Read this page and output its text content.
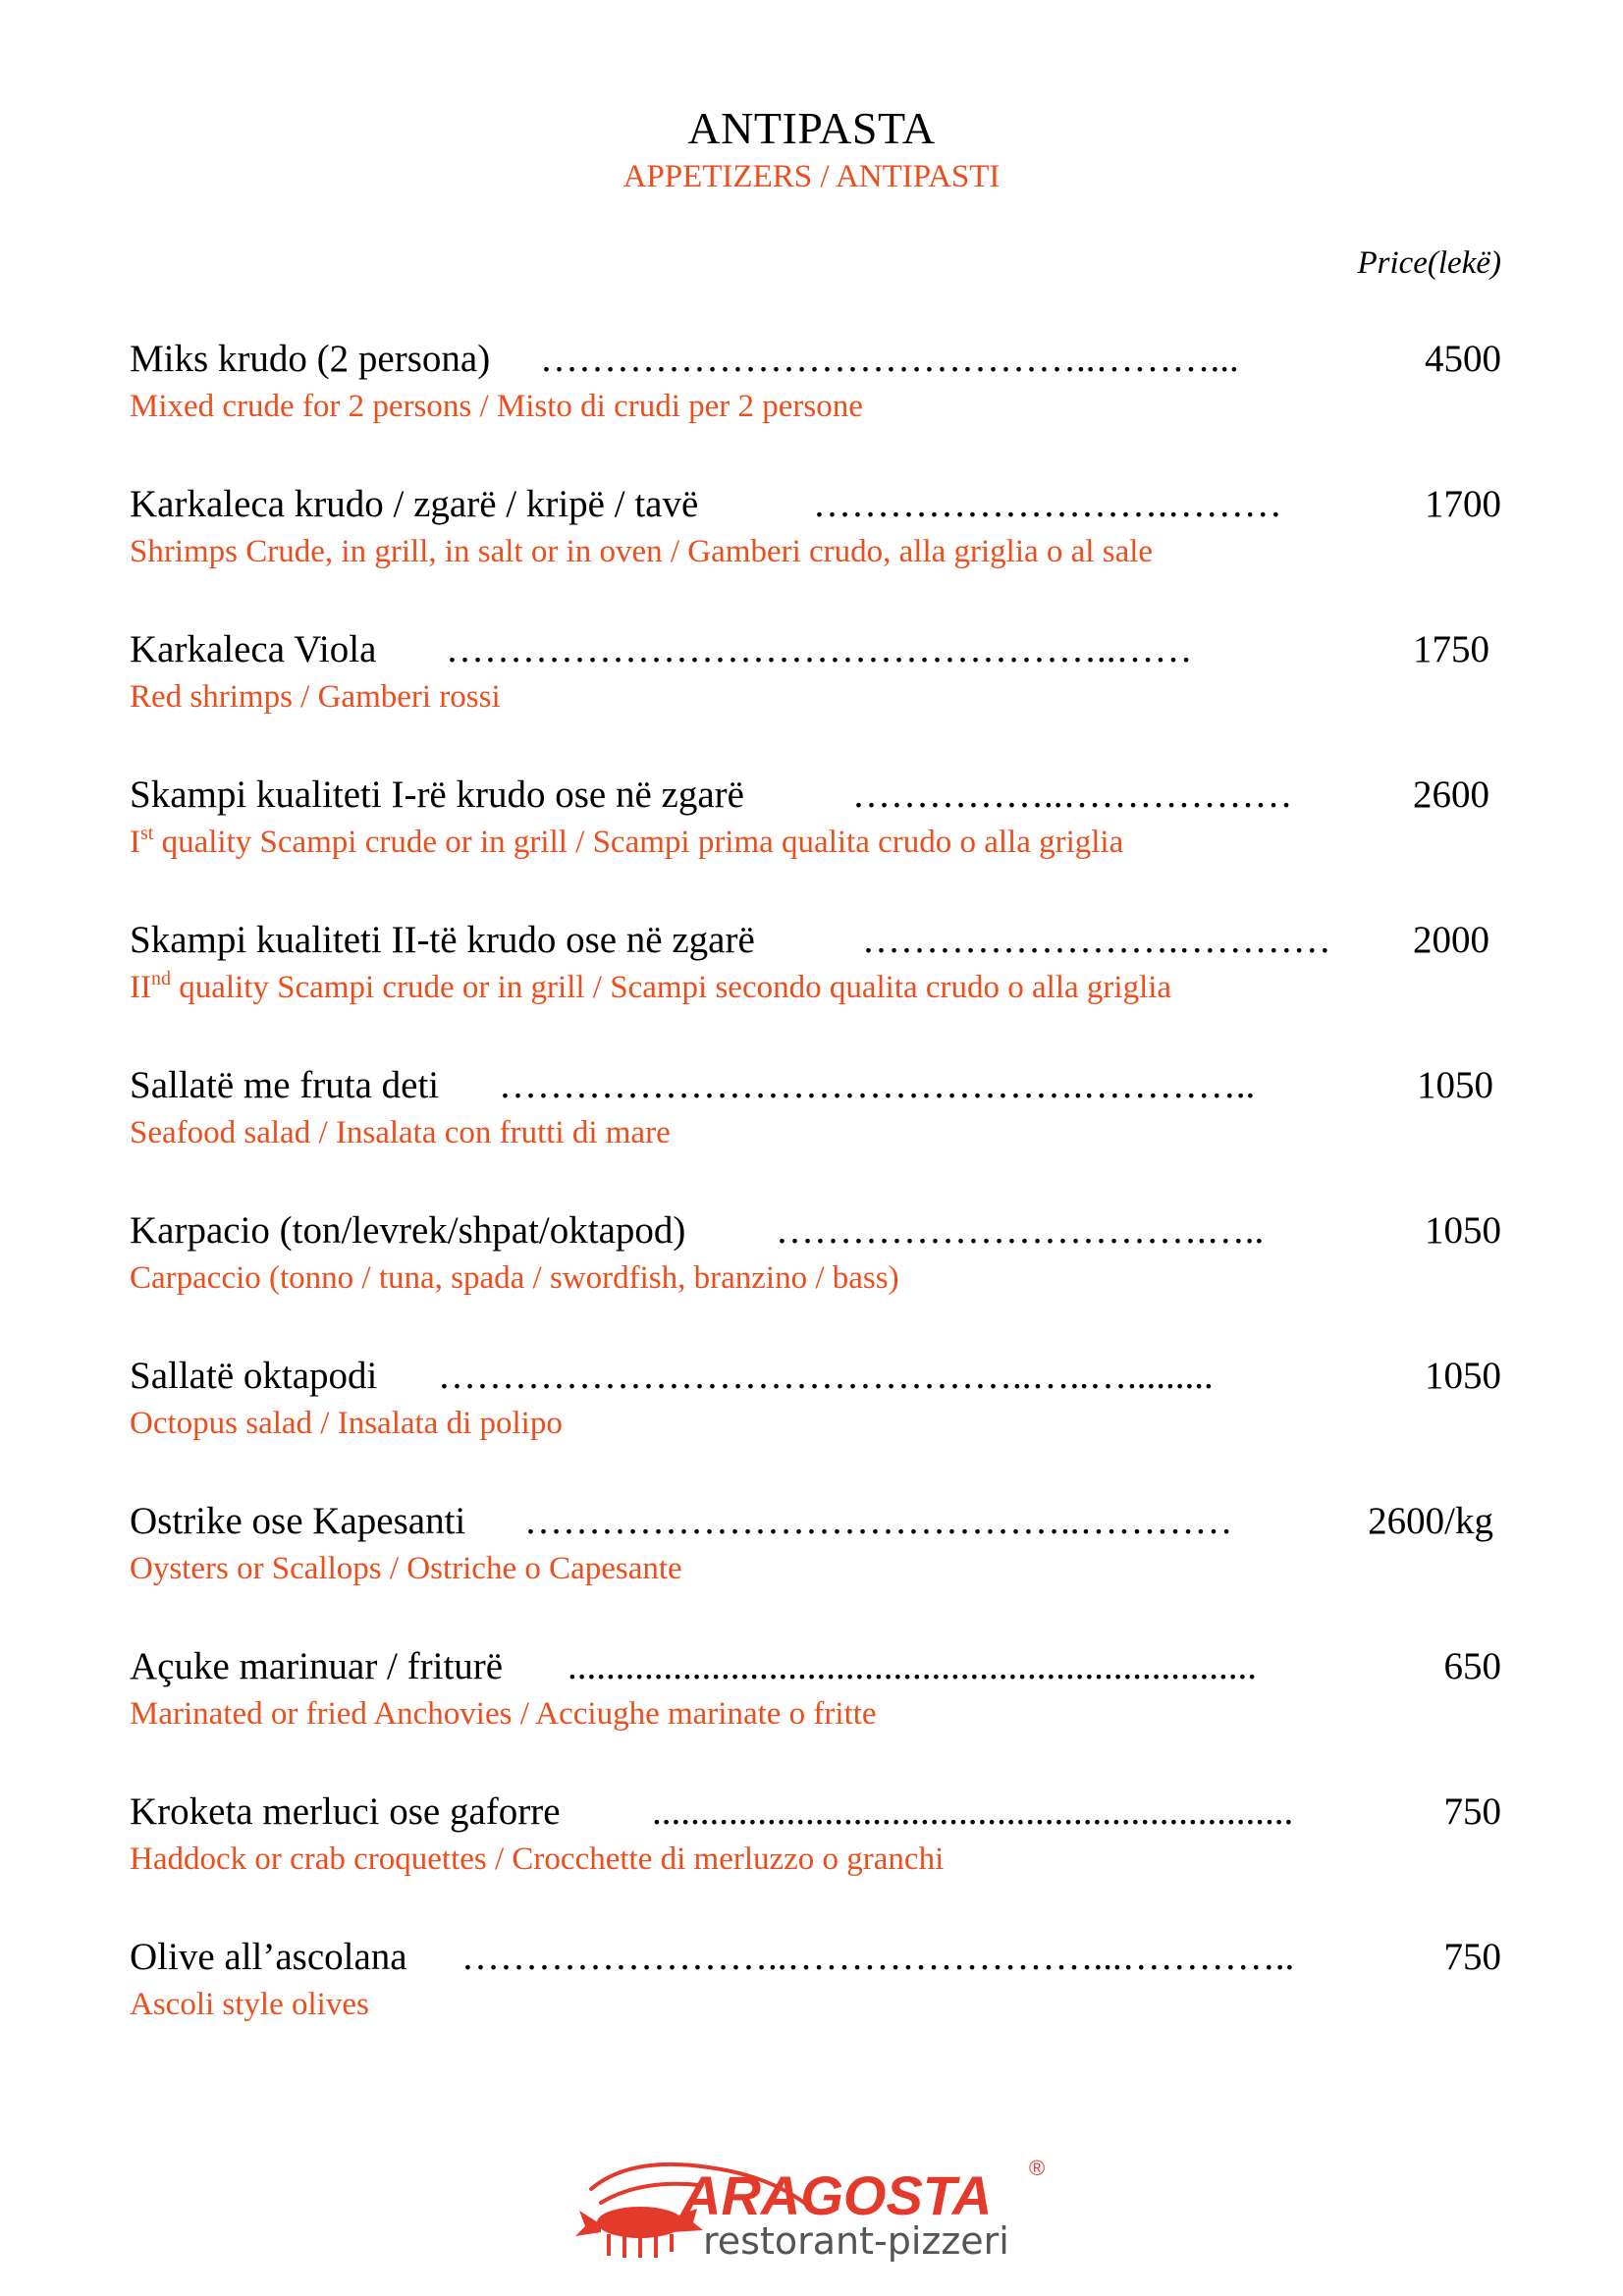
ANTIPASTA
APPETIZERS / ANTIPASTI
Price(lekë)
Miks krudo (2 persona) ……………………………………..………...	4500
Mixed crude for 2 persons / Misto di crudi per 2 persone
Karkaleca krudo / zgarë / kripë / tavë	……………………….………	1700
Shrimps Crude, in grill, in salt or in oven / Gamberi crudo, alla griglia o al sale
Karkaleca Viola ……………………………………………..……	1750
Red shrimps / Gamberi rossi
Skampi kualiteti I-rë krudo ose në zgarë	……………..………………	2600
Ist quality Scampi crude or in grill / Scampi prima qualita crudo o alla griglia
Skampi kualiteti II-të krudo ose në zgarë	…………………….………… 2000
IInd quality Scampi crude or in grill / Scampi secondo qualita crudo o alla griglia
Sallatë me fruta deti ……………………………………….…………..	1050
Seafood salad / Insalata con frutti di mare
Karpacio (ton/levrek/shpat/oktapod) …………………………….…..	1050
Carpaccio (tonno / tuna, spada / swordfish, branzino / bass)
Sallatë oktapodi ………………………………………..…..….........	1050
Octopus salad / Insalata di polipo
Ostrike ose Kapesanti ……………………………………..…………	2600/kg
Oysters or Scallops / Ostriche o Capesante
Açuke marinuar / friturë ........................................................................	650
Marinated or fried Anchovies / Acciughe marinate o fritte
Kroketa merluci ose gaforre ...................................................................	750
Haddock or crab croquettes / Crocchette di merluzzo o granchi
Olive all’ascolana ……………………..……………………...…………..	750
Ascoli style olives
ARAGOSTA ®
restorant-pizzeri
